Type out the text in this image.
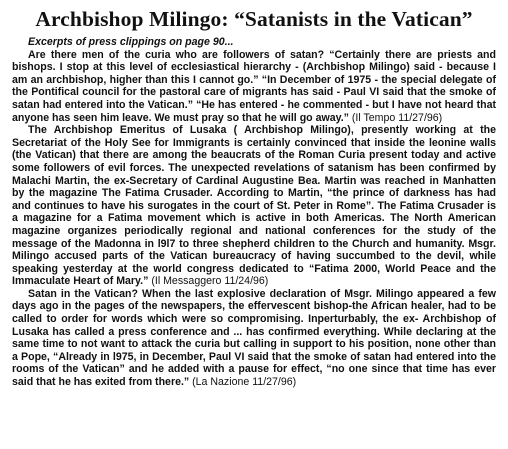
Archbishop Milingo: “Satanists in the Vatican”
Excerpts of press clippings on page 90...

Are there men of the curia who are followers of satan? “Certainly there are priests and bishops. I stop at this level of ecclesiastical hierarchy - (Archbishop Milingo) said - because I am an archbishop, higher than this I cannot go.” “In December of 1975 - the special delegate of the Pontifical council for the pastoral care of migrants has said - Paul VI said that the smoke of satan had entered into the Vatican.” “He has entered - he commented - but I have not heard that anyone has seen him leave. We must pray so that he will go away.” (Il Tempo 11/27/96)

The Archbishop Emeritus of Lusaka ( Archbishop Milingo), presently working at the Secretariat of the Holy See for Immigrants is certainly convinced that inside the leonine walls (the Vatican) that there are among the beaucrats of the Roman Curia present today and active some followers of evil forces. The unexpected revelations of satanism has been confirmed by Malachi Martin, the ex-Secretary of Cardinal Augustine Bea. Martin was reached in Manhatten by the magazine The Fatima Crusader. According to Martin, “the prince of darkness has had and continues to have his surogates in the court of St. Peter in Rome”. The Fatima Crusader is a magazine for a Fatima movement which is active in both Americas. The North American magazine organizes periodically regional and national conferences for the study of the message of the Madonna in l9l7 to three shepherd children to the Church and humanity. Msgr. Milingo accused parts of the Vatican bureaucracy of having succumbed to the devil, while speaking yesterday at the world congress dedicated to “Fatima 2000, World Peace and the Immaculate Heart of Mary.” (Il Messaggero 11/24/96)

Satan in the Vatican? When the last explosive declaration of Msgr. Milingo appeared a few days ago in the pages of the newspapers, the effervescent bishop-the African healer, had to be called to order for words which were so compromising. Inperturbably, the ex- Archbishop of Lusaka has called a press conference and ... has confirmed everything. While declaring at the same time to not want to attack the curia but calling in support to his position, none other than a Pope, “Already in l975, in December, Paul VI said that the smoke of satan had entered into the rooms of the Vatican” and he added with a pause for effect, “no one since that time has ever said that he has exited from there.” (La Nazione 11/27/96)
